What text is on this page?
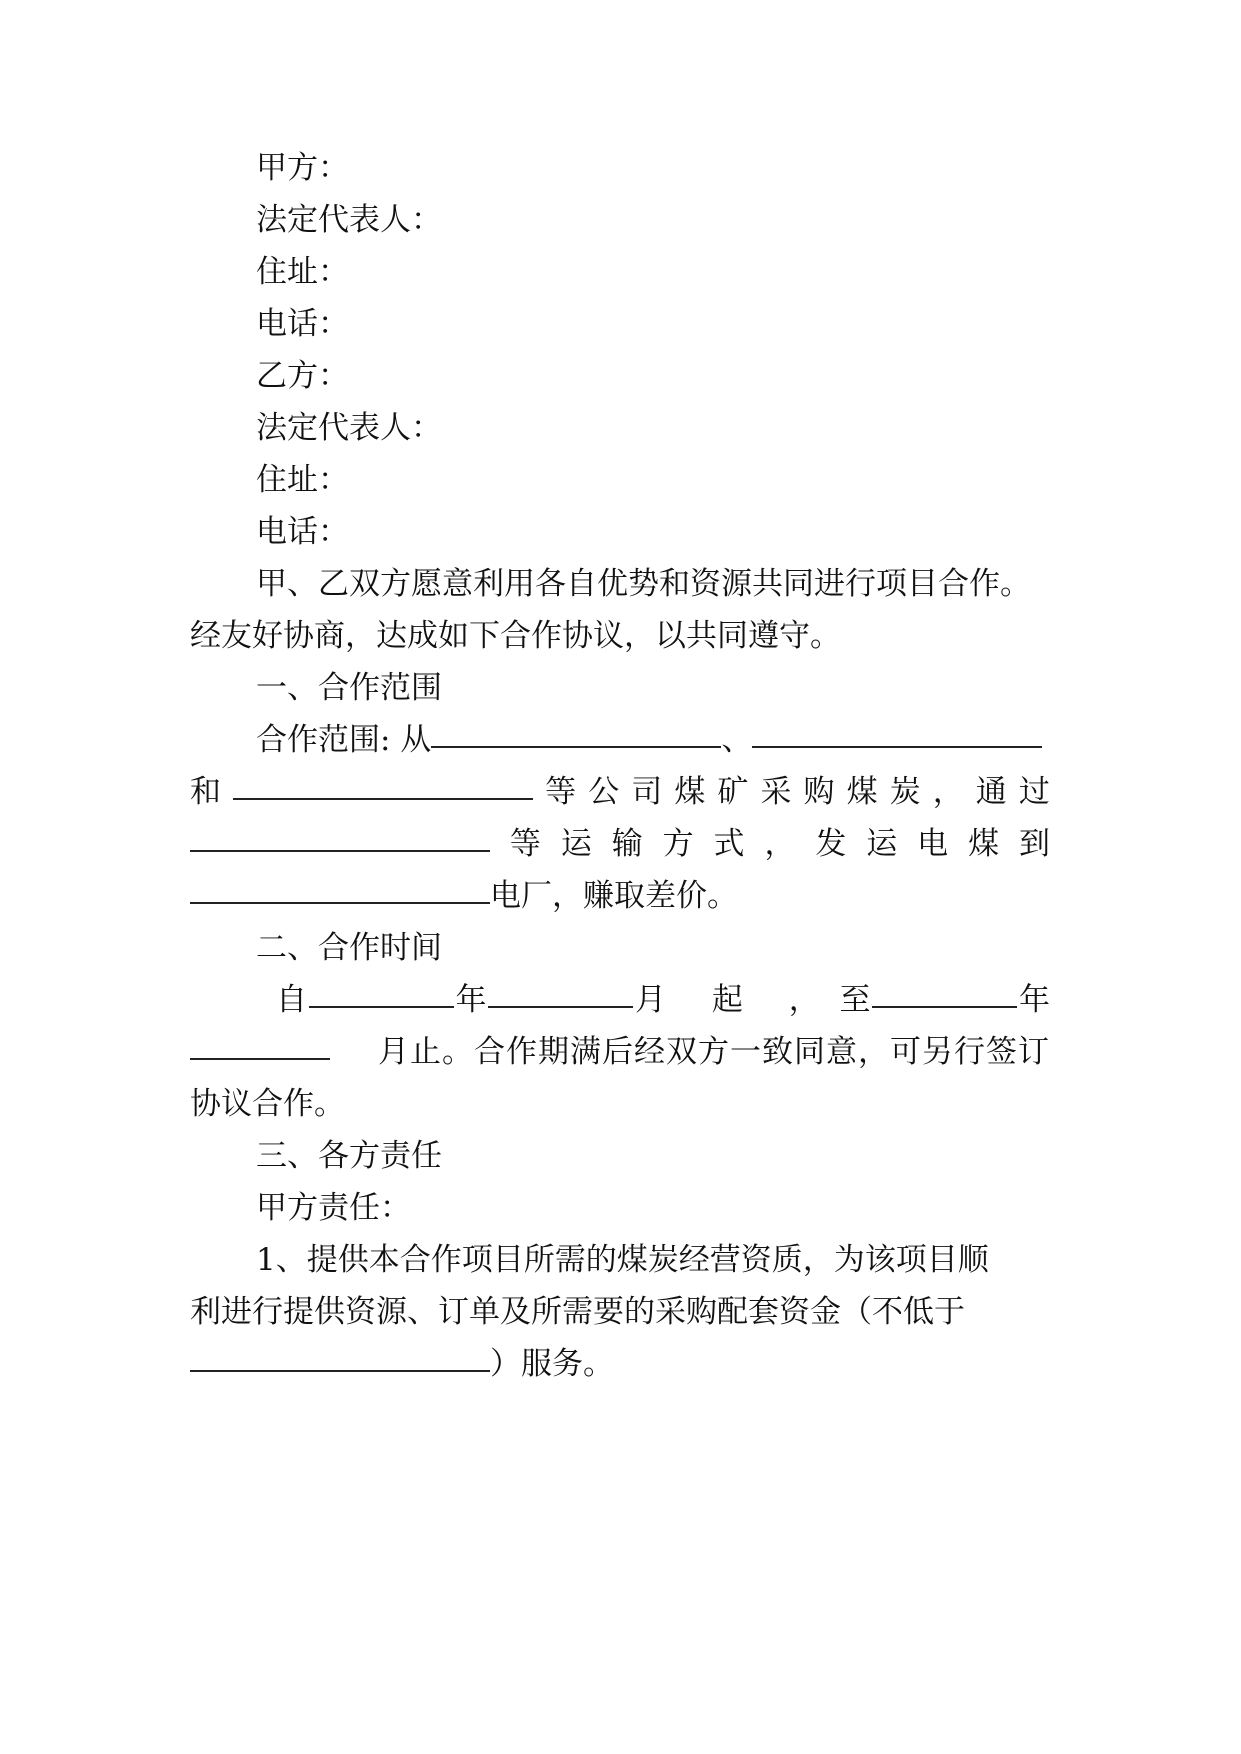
甲方：
法定代表人：
住址：
电话：
乙方：
法定代表人：
住址：
电话：
甲、乙双方愿意利用各自优势和资源共同进行项目合作。
经友好协商，达成如下合作协议，以共同遵守。
一、合作范围
合作范围: 从	、
和	等 公 司 煤 矿 采 购 煤 炭 ， 通 过
等 运 输 方 式 ， 发 运 电 煤 到
电厂，赚取差价。
二、合作时间
自	年	月 起 ， 至	年
月止。合作期满后经双方一致同意，可另行签订
协议合作。
三、各方责任
甲方责任：
1、提供本合作项目所需的煤炭经营资质，为该项目顺
利进行提供资源、订单及所需要的采购配套资金（不低于
）服务。
